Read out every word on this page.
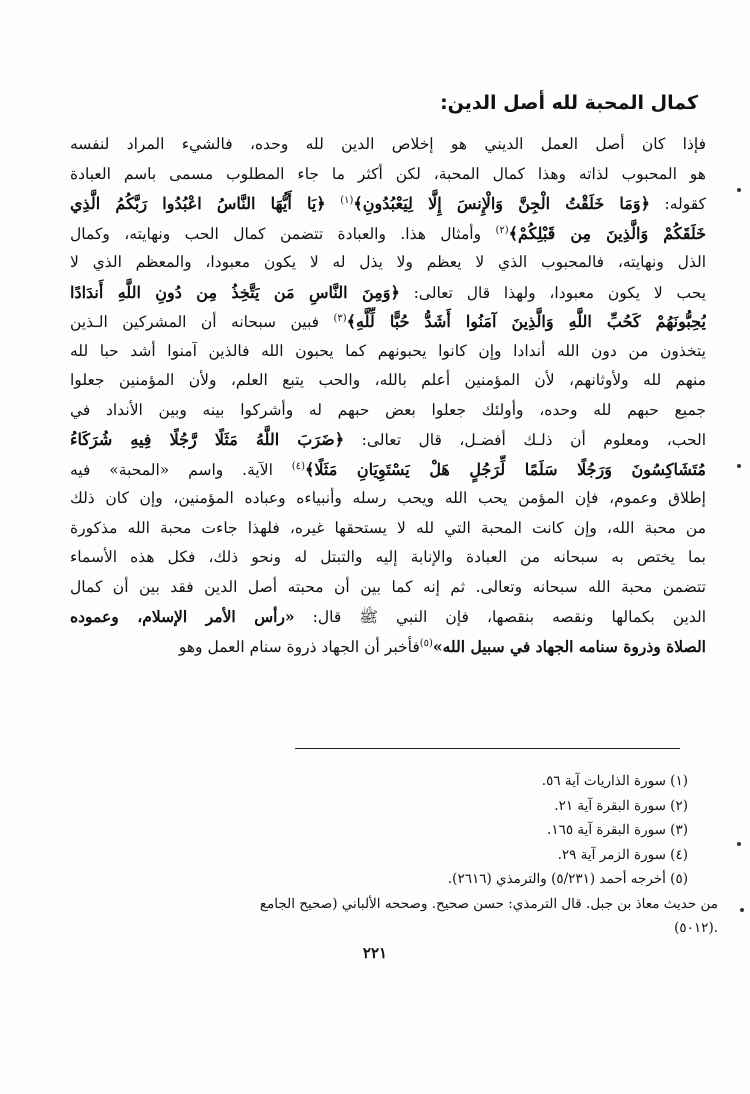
كمال المحبة لله أصل الدين:
فإذا كان أصل العمل الديني هو إخلاص الدين لله وحده، فالشيء المراد لنفسه
هو المحبوب لذاته وهذا كمال المحبة، لكن أكثر ما جاء المطلوب مسمى باسم العبادة
كقوله: ﴿وَمَا خَلَقْتُ الْجِنَّ وَالْإِنسَ إِلَّا لِيَعْبُدُونِ﴾$^{(١)}$ ﴿يَا أَيُّهَا النَّاسُ اعْبُدُوا رَبَّكُمُ الَّذِي
خَلَقَكُمْ وَالَّذِينَ مِن قَبْلِكُمْ﴾$^{(٢)}$ وأمثال هذا. والعبادة تتضمن كمال الحب ونهايته، وكمال
الذل ونهايته، فالمحبوب الذي لا يعظم ولا يذل له لا يكون معبودا، والمعظم الذي لا
يحب لا يكون معبودا، ولهذا قال تعالى: ﴿وَمِنَ النَّاسِ مَن يَتَّخِذُ مِن دُونِ اللَّهِ أَندَادًا
يُحِبُّونَهُمْ كَحُبِّ اللَّهِ وَالَّذِينَ آمَنُوا أَشَدُّ حُبًّا لِّلَّهِ﴾$^{(٣)}$ فبين سبحانه أن المشركين الـذين
يتخذون من دون الله أندادا وإن كانوا يحبونهم كما يحبون الله فالذين آمنوا أشد حبا لله
منهم لله ولأوثانهم، لأن المؤمنين أعلم بالله، والحب يتبع العلم، ولأن المؤمنين جعلوا
جميع حبهم لله وحده، وأولئك جعلوا بعض حبهم له وأشركوا بينه وبين الأنداد في
الحب، ومعلوم أن ذلـك أفضـل، قال تعالى: ﴿ضَرَبَ اللَّهُ مَثَلًا رَّجُلًا فِيهِ شُرَكَاءُ
مُتَشَاكِسُونَ وَرَجُلًا سَلَمًا لِّرَجُلٍ هَلْ يَسْتَوِيَانِ مَثَلًا﴾$^{(٤)}$ الآية. واسم «المحبة» فيه
إطلاق وعموم، فإن المؤمن يحب الله ويحب رسله وأنبياءه وعباده المؤمنين، وإن كان ذلك
من محبة الله، وإن كانت المحبة التي لله لا يستحقها غيره، فلهذا جاءت محبة الله مذكورة
بما يختص به سبحانه من العبادة والإنابة إليه والتبتل له ونحو ذلك، فكل هذه الأسماء
تتضمن محبة الله سبحانه وتعالى. ثم إنه كما بين أن محبته أصل الدين فقد بين أن كمال
الدين بكمالها ونقصه بنقصها، فإن النبي ﷺ قال: «رأس الأمر الإسلام، وعموده
الصلاة وذروة سنامه الجهاد في سبيل الله»$^{(٥)}$فأخبر أن الجهاد ذروة سنام العمل وهو
(١) سورة الذاريات آية ٥٦.
(٢) سورة البقرة آية ٢١.
(٣) سورة البقرة آية ١٦٥.
(٤) سورة الزمر آية ٢٩.
(٥) أخرجه أحمد (٥/٢٣١) والترمذي (٢٦١٦).
من حديث معاذ بن جبل. قال الترمذي: حسن صحيح. وصححه الألباني (صحيح الجامع
.(٥٠١٢)
٢٢١
